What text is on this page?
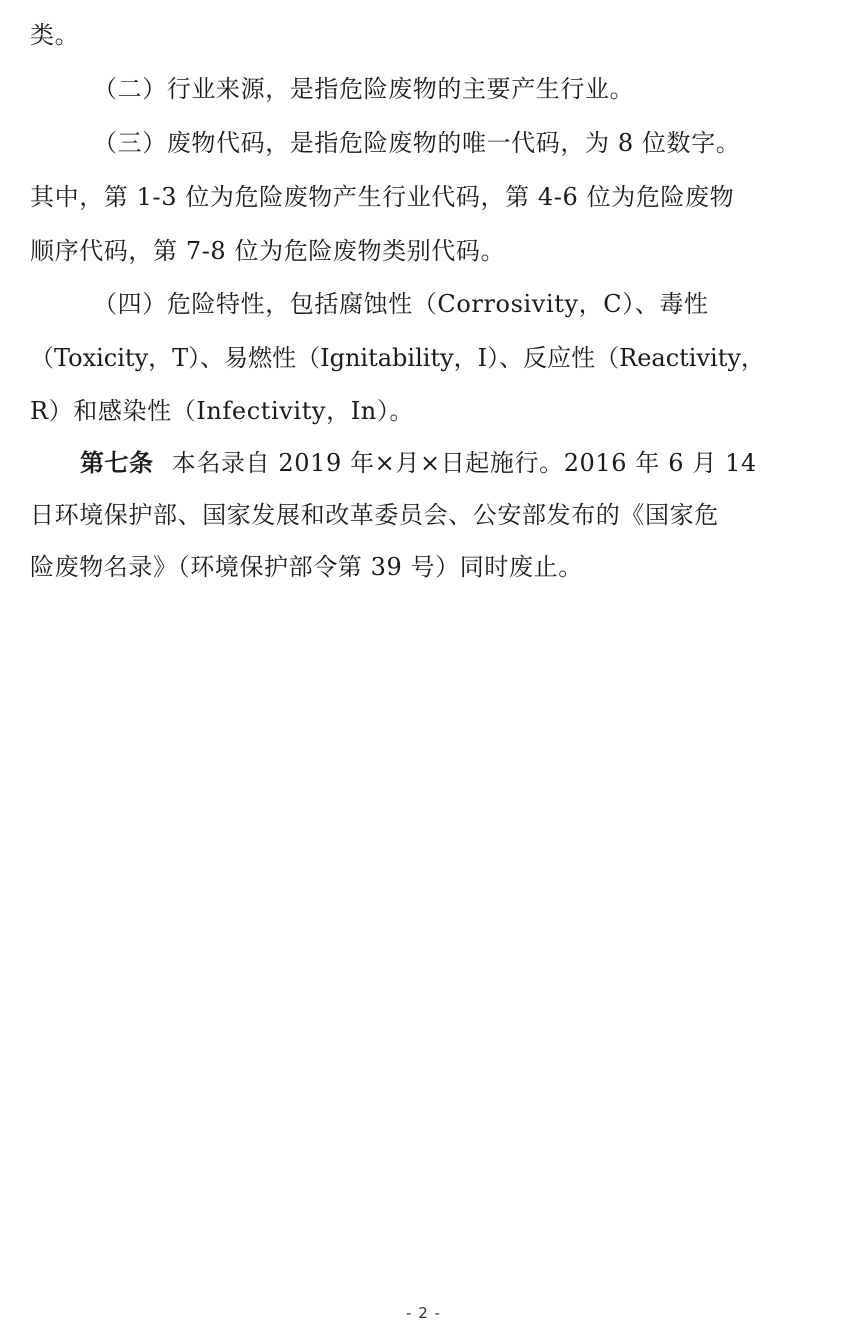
类。
（二）行业来源，是指危险废物的主要产生行业。
（三）废物代码，是指危险废物的唯一代码，为 8 位数字。
其中，第 1-3 位为危险废物产生行业代码，第 4-6 位为危险废物
顺序代码，第 7-8 位为危险废物类别代码。
（四）危险特性，包括腐蚀性（Corrosivity，C）、毒性
（Toxicity，T）、易燃性（Ignitability，I）、反应性（Reactivity，
R）和感染性（Infectivity，In）。
第七条 本名录自 2019 年×月×日起施行。2016 年 6 月 14
日环境保护部、国家发展和改革委员会、公安部发布的《国家危
险废物名录》（环境保护部令第 39 号）同时废止。
- 2 -
